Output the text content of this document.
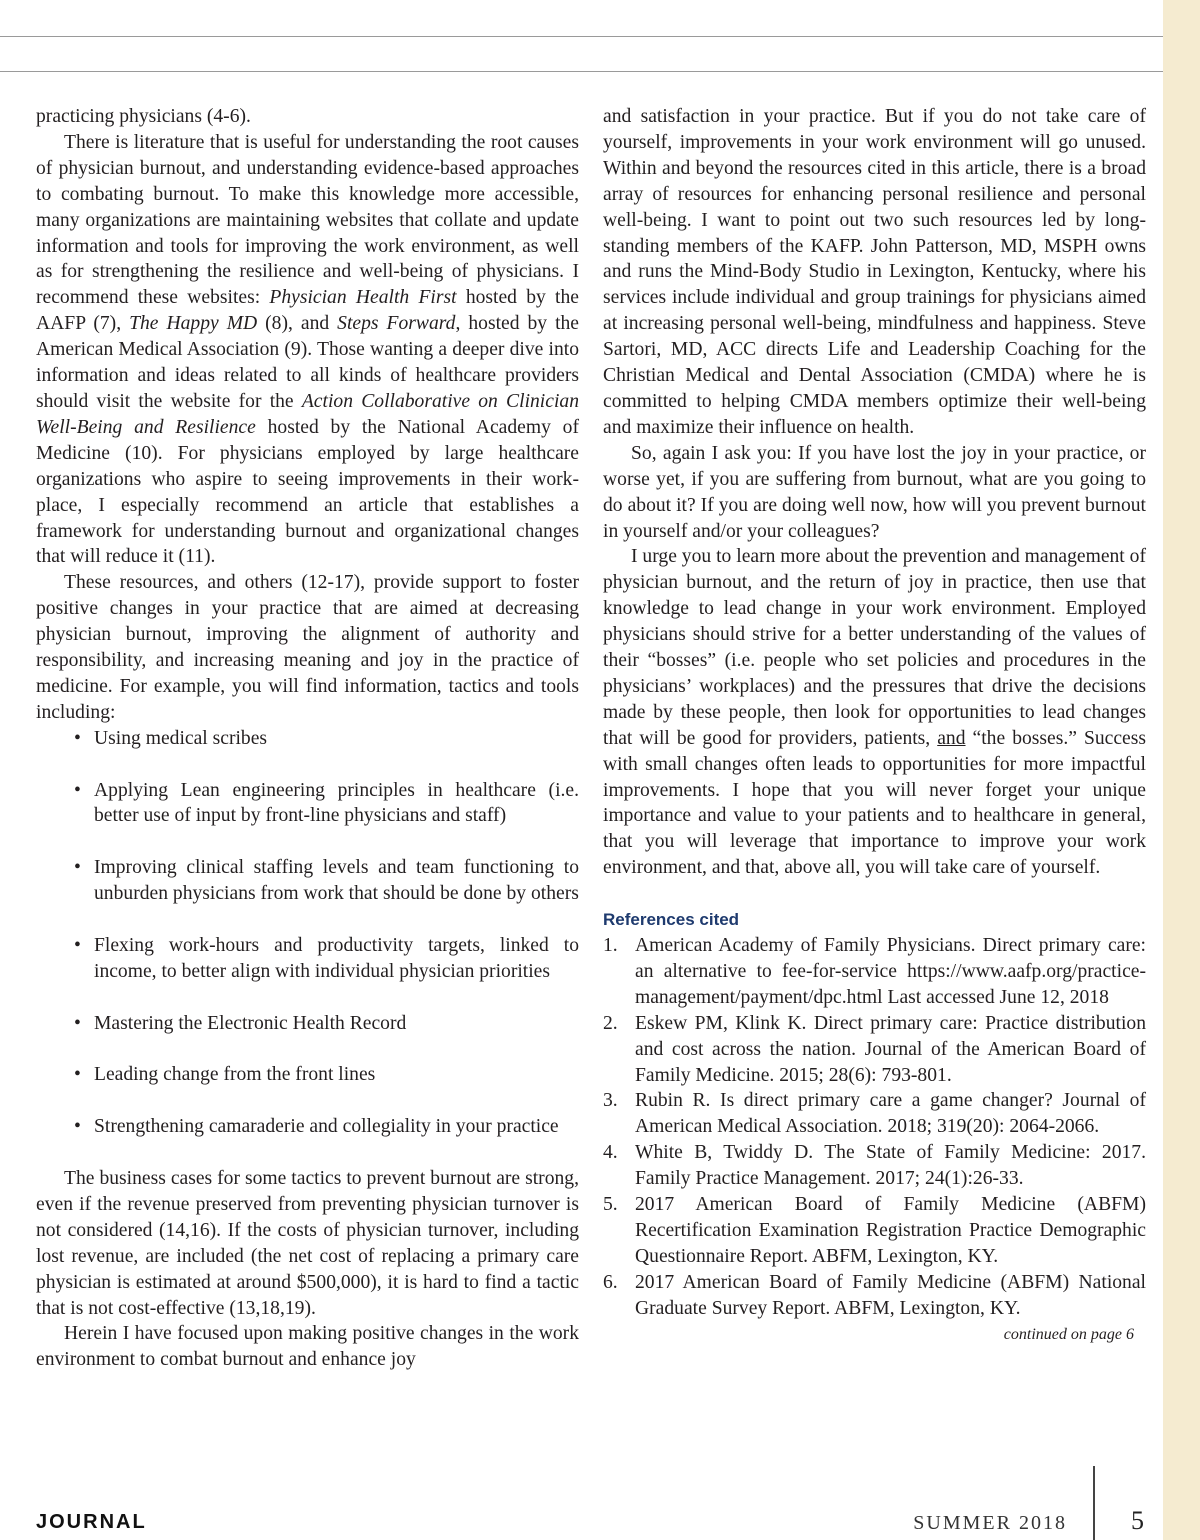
practicing physicians (4-6).

There is literature that is useful for understanding the root causes of physician burnout, and understanding evidence-based approaches to combating burnout. To make this knowledge more accessible, many organizations are maintaining websites that collate and update information and tools for improving the work environment, as well as for strengthening the resilience and well-being of physicians. I recommend these websites: Physician Health First hosted by the AAFP (7), The Happy MD (8), and Steps Forward, hosted by the American Medical Association (9). Those wanting a deeper dive into information and ideas related to all kinds of healthcare providers should visit the website for the Action Collaborative on Clinician Well-Being and Resilience hosted by the National Academy of Medicine (10). For physicians employed by large healthcare organizations who aspire to seeing improvements in their work-place, I especially recommend an article that establishes a framework for understanding burnout and organizational changes that will reduce it (11).

These resources, and others (12-17), provide support to foster positive changes in your practice that are aimed at decreasing physician burnout, improving the alignment of authority and responsibility, and increasing meaning and joy in the practice of medicine. For example, you will find information, tactics and tools including:

• Using medical scribes
• Applying Lean engineering principles in healthcare (i.e. better use of input by front-line physicians and staff)
• Improving clinical staffing levels and team functioning to unburden physicians from work that should be done by others
• Flexing work-hours and productivity targets, linked to income, to better align with individual physician priorities
• Mastering the Electronic Health Record
• Leading change from the front lines
• Strengthening camaraderie and collegiality in your practice

The business cases for some tactics to prevent burnout are strong, even if the revenue preserved from preventing physician turnover is not considered (14,16). If the costs of physician turnover, including lost revenue, are included (the net cost of replacing a primary care physician is estimated at around $500,000), it is hard to find a tactic that is not cost-effective (13,18,19).

Herein I have focused upon making positive changes in the work environment to combat burnout and enhance joy

and satisfaction in your practice. But if you do not take care of yourself, improvements in your work environment will go unused. Within and beyond the resources cited in this article, there is a broad array of resources for enhancing personal resilience and personal well-being. I want to point out two such resources led by long-standing members of the KAFP. John Patterson, MD, MSPH owns and runs the Mind-Body Studio in Lexington, Kentucky, where his services include individual and group trainings for physicians aimed at increasing personal well-being, mindfulness and happiness. Steve Sartori, MD, ACC directs Life and Leadership Coaching for the Christian Medical and Dental Association (CMDA) where he is committed to helping CMDA members optimize their well-being and maximize their influence on health.

So, again I ask you: If you have lost the joy in your practice, or worse yet, if you are suffering from burnout, what are you going to do about it? If you are doing well now, how will you prevent burnout in yourself and/or your colleagues?

I urge you to learn more about the prevention and management of physician burnout, and the return of joy in practice, then use that knowledge to lead change in your work environment. Employed physicians should strive for a better understanding of the values of their “bosses” (i.e. people who set policies and procedures in the physicians’ workplaces) and the pressures that drive the decisions made by these people, then look for opportunities to lead changes that will be good for providers, patients, and “the bosses.” Success with small changes often leads to opportunities for more impactful improvements. I hope that you will never forget your unique importance and value to your patients and to healthcare in general, that you will leverage that importance to improve your work environment, and that, above all, you will take care of yourself.

References cited
1. American Academy of Family Physicians. Direct primary care: an alternative to fee-for-service https://www.aafp.org/practice-management/payment/dpc.html Last accessed June 12, 2018
2. Eskew PM, Klink K. Direct primary care: Practice distribution and cost across the nation. Journal of the American Board of Family Medicine. 2015; 28(6): 793-801.
3. Rubin R. Is direct primary care a game changer? Journal of American Medical Association. 2018; 319(20): 2064-2066.
4. White B, Twiddy D. The State of Family Medicine: 2017. Family Practice Management. 2017; 24(1):26-33.
5. 2017 American Board of Family Medicine (ABFM) Recertification Examination Registration Practice Demographic Questionnaire Report. ABFM, Lexington, KY.
6. 2017 American Board of Family Medicine (ABFM) National Graduate Survey Report. ABFM, Lexington, KY.
continued on page 6
JOURNAL	SUMMER 2018 5
